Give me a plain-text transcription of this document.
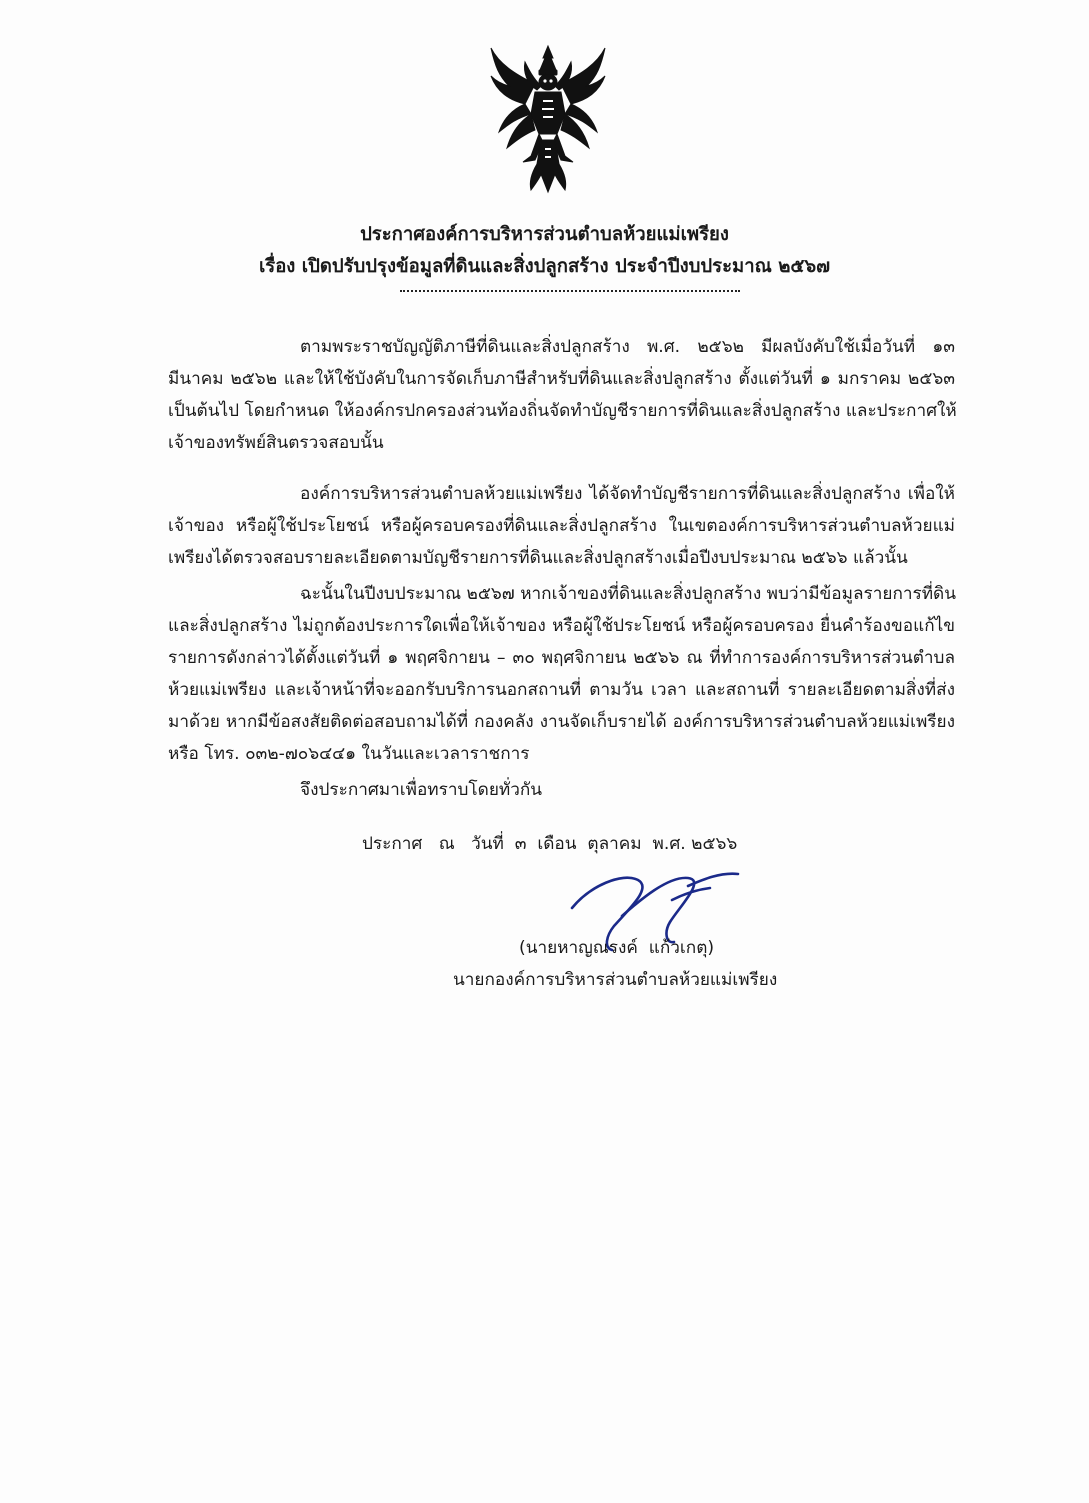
ประกาศองค์การบริหารส่วนตำบลห้วยแม่เพรียง
เรื่อง เปิดปรับปรุงข้อมูลที่ดินและสิ่งปลูกสร้าง ประจำปีงบประมาณ ๒๕๖๗
ตามพระราชบัญญัติภาษีที่ดินและสิ่งปลูกสร้าง พ.ศ. ๒๕๖๒ มีผลบังคับใช้เมื่อวันที่ ๑๓
มีนาคม ๒๕๖๒ และให้ใช้บังคับในการจัดเก็บภาษีสำหรับที่ดินและสิ่งปลูกสร้าง ตั้งแต่วันที่ ๑ มกราคม ๒๕๖๓
เป็นต้นไป โดยกำหนด ให้องค์กรปกครองส่วนท้องถิ่นจัดทำบัญชีรายการที่ดินและสิ่งปลูกสร้าง และประกาศให้
เจ้าของทรัพย์สินตรวจสอบนั้น
องค์การบริหารส่วนตำบลห้วยแม่เพรียง ได้จัดทำบัญชีรายการที่ดินและสิ่งปลูกสร้าง เพื่อให้
เจ้าของ หรือผู้ใช้ประโยชน์ หรือผู้ครอบครองที่ดินและสิ่งปลูกสร้าง ในเขตองค์การบริหารส่วนตำบลห้วยแม่
เพรียงได้ตรวจสอบรายละเอียดตามบัญชีรายการที่ดินและสิ่งปลูกสร้างเมื่อปีงบประมาณ ๒๕๖๖ แล้วนั้น
ฉะนั้นในปีงบประมาณ ๒๕๖๗ หากเจ้าของที่ดินและสิ่งปลูกสร้าง พบว่ามีข้อมูลรายการที่ดิน
และสิ่งปลูกสร้าง ไม่ถูกต้องประการใดเพื่อให้เจ้าของ หรือผู้ใช้ประโยชน์ หรือผู้ครอบครอง ยื่นคำร้องขอแก้ไข
รายการดังกล่าวได้ตั้งแต่วันที่ ๑ พฤศจิกายน – ๓๐ พฤศจิกายน ๒๕๖๖ ณ ที่ทำการองค์การบริหารส่วนตำบล
ห้วยแม่เพรียง และเจ้าหน้าที่จะออกรับบริการนอกสถานที่ ตามวัน เวลา และสถานที่ รายละเอียดตามสิ่งที่ส่ง
มาด้วย หากมีข้อสงสัยติดต่อสอบถามได้ที่ กองคลัง งานจัดเก็บรายได้ องค์การบริหารส่วนตำบลห้วยแม่เพรียง
หรือ โทร. ๐๓๒-๗๐๖๔๔๑ ในวันและเวลาราชการ
จึงประกาศมาเพื่อทราบโดยทั่วกัน
ประกาศ   ณ   วันที่  ๓  เดือน  ตุลาคม  พ.ศ. ๒๕๖๖
(นายหาญณรงค์  แก้วเกตุ)
นายกองค์การบริหารส่วนตำบลห้วยแม่เพรียง
